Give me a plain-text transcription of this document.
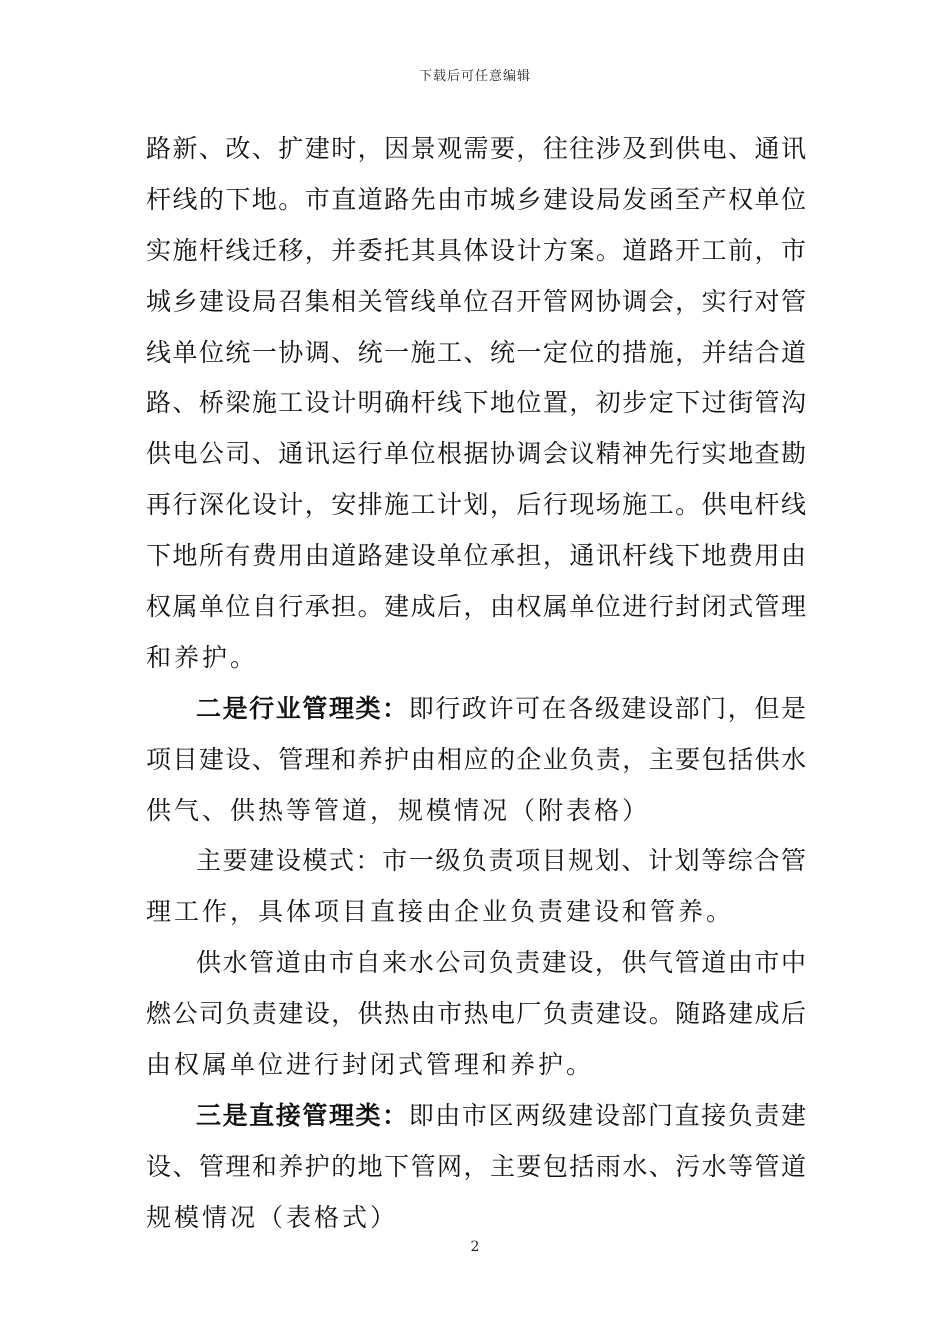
下载后可任意编辑
路新、改、扩建时，因景观需要，往往涉及到供电、通讯
杆线的下地。市直道路先由市城乡建设局发函至产权单位
实施杆线迁移，并委托其具体设计方案。道路开工前，市
城乡建设局召集相关管线单位召开管网协调会，实行对管
线单位统一协调、统一施工、统一定位的措施，并结合道
路、桥梁施工设计明确杆线下地位置，初步定下过街管沟
供电公司、通讯运行单位根据协调会议精神先行实地查勘
再行深化设计，安排施工计划，后行现场施工。供电杆线
下地所有费用由道路建设单位承担，通讯杆线下地费用由
权属单位自行承担。建成后，由权属单位进行封闭式管理
和养护。
二是行业管理类：即行政许可在各级建设部门，但是
项目建设、管理和养护由相应的企业负责，主要包括供水
供气、供热等管道，规模情况（附表格）
主要建设模式：市一级负责项目规划、计划等综合管
理工作，具体项目直接由企业负责建设和管养。
供水管道由市自来水公司负责建设，供气管道由市中
燃公司负责建设，供热由市热电厂负责建设。随路建成后
由权属单位进行封闭式管理和养护。
三是直接管理类：即由市区两级建设部门直接负责建
设、管理和养护的地下管网，主要包括雨水、污水等管道
规模情况（表格式）
2
